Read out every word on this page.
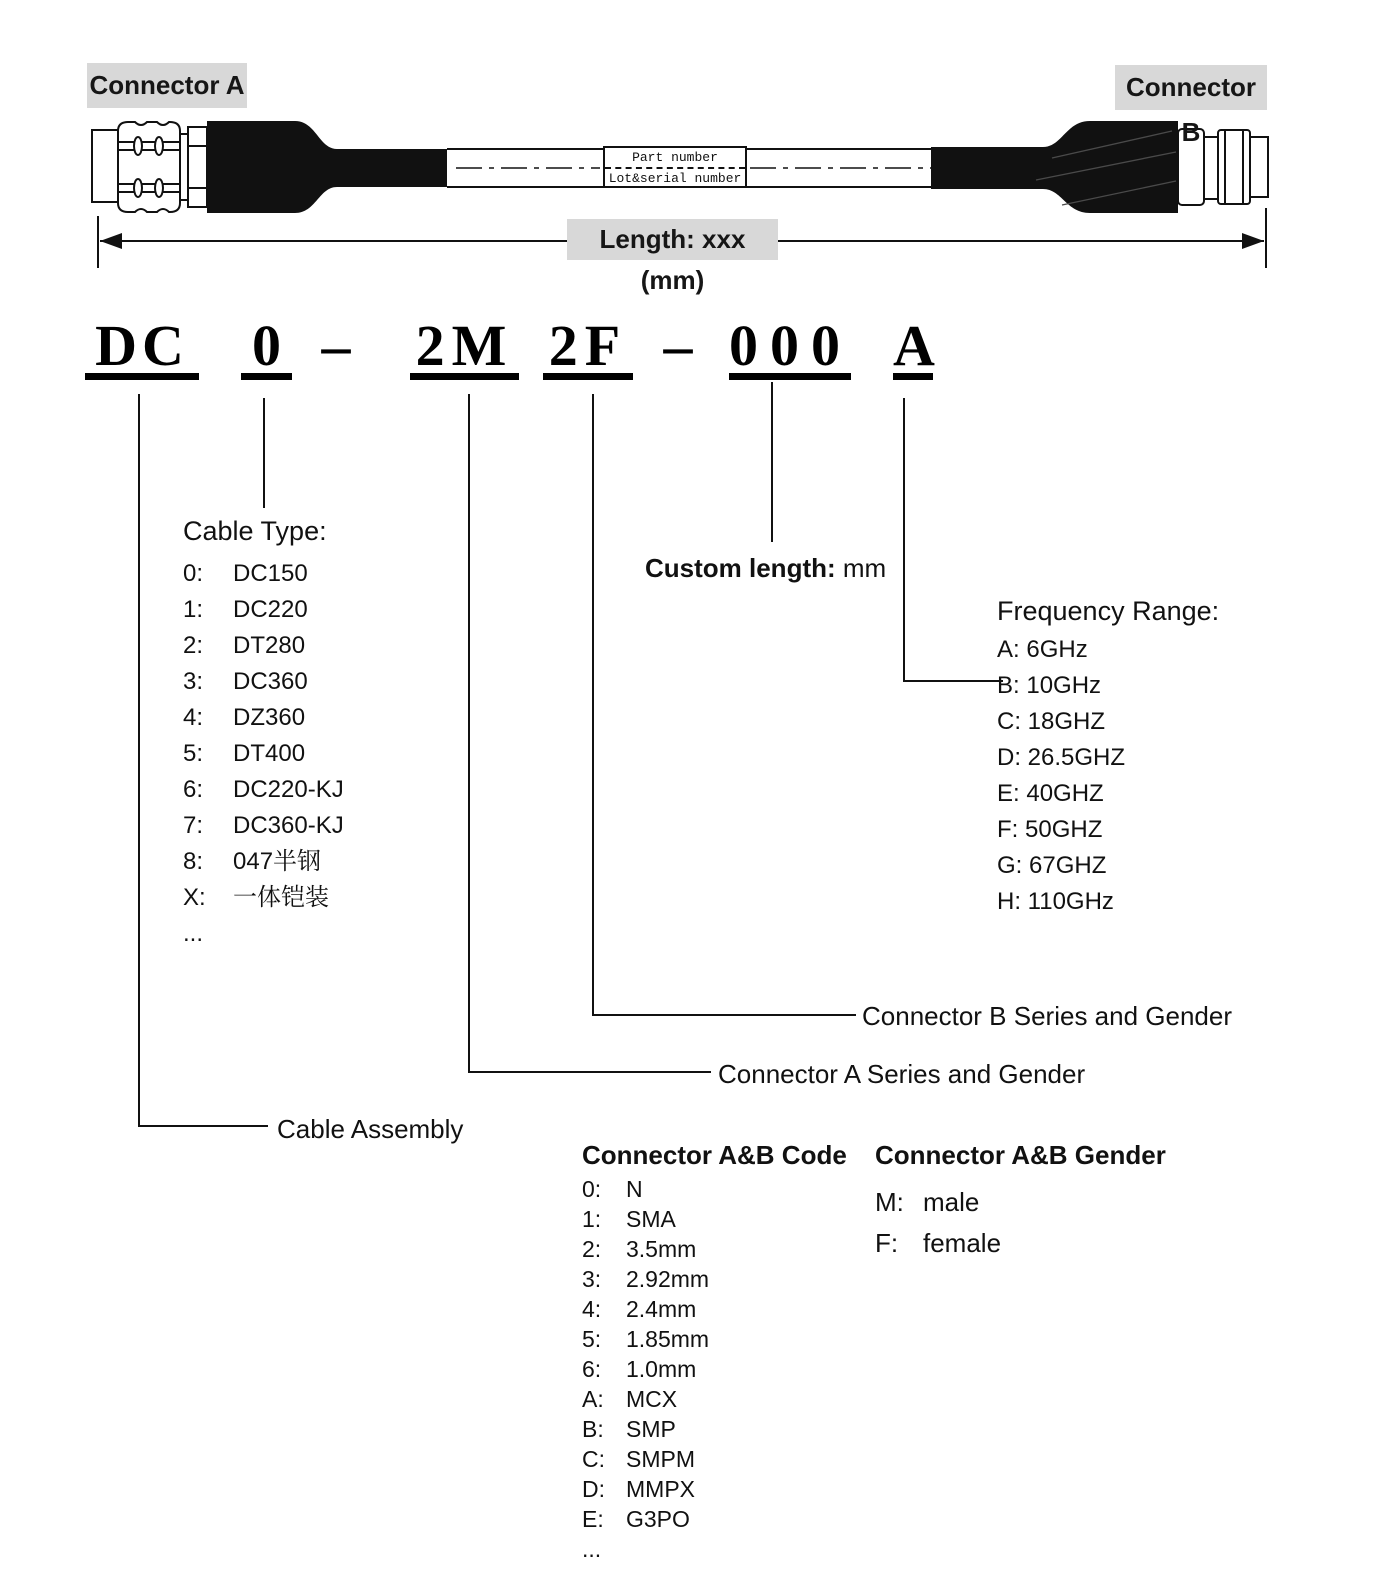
Connector A	Connector B
Part number
Lot&serial number
Length: xxx (mm)
DC 0 – 2M 2F – 000 A
Custom length: mm
Connector B Series and Gender
Connector A Series and Gender
Cable Assembly
Cable Type:
0:	DC150
1:	DC220
2:	DT280
3:	DC360
4:	DZ360
5:	DT400
6:	DC220-KJ
7:	DC360-KJ
8:	047半钢
X:	一体铠装
...
Frequency Range:
A: 6GHz
B: 10GHz
C: 18GHZ
D: 26.5GHZ
E: 40GHZ
F: 50GHZ
G: 67GHZ
H: 110GHz
Connector A&B Code
0:	N
1:	SMA
2:	3.5mm
3:	2.92mm
4:	2.4mm
5:	1.85mm
6:	1.0mm
A: MCX
B: SMP
C: SMPM
D: MMPX
E: G3PO
...
Connector A&B Gender
M: male
F: female
